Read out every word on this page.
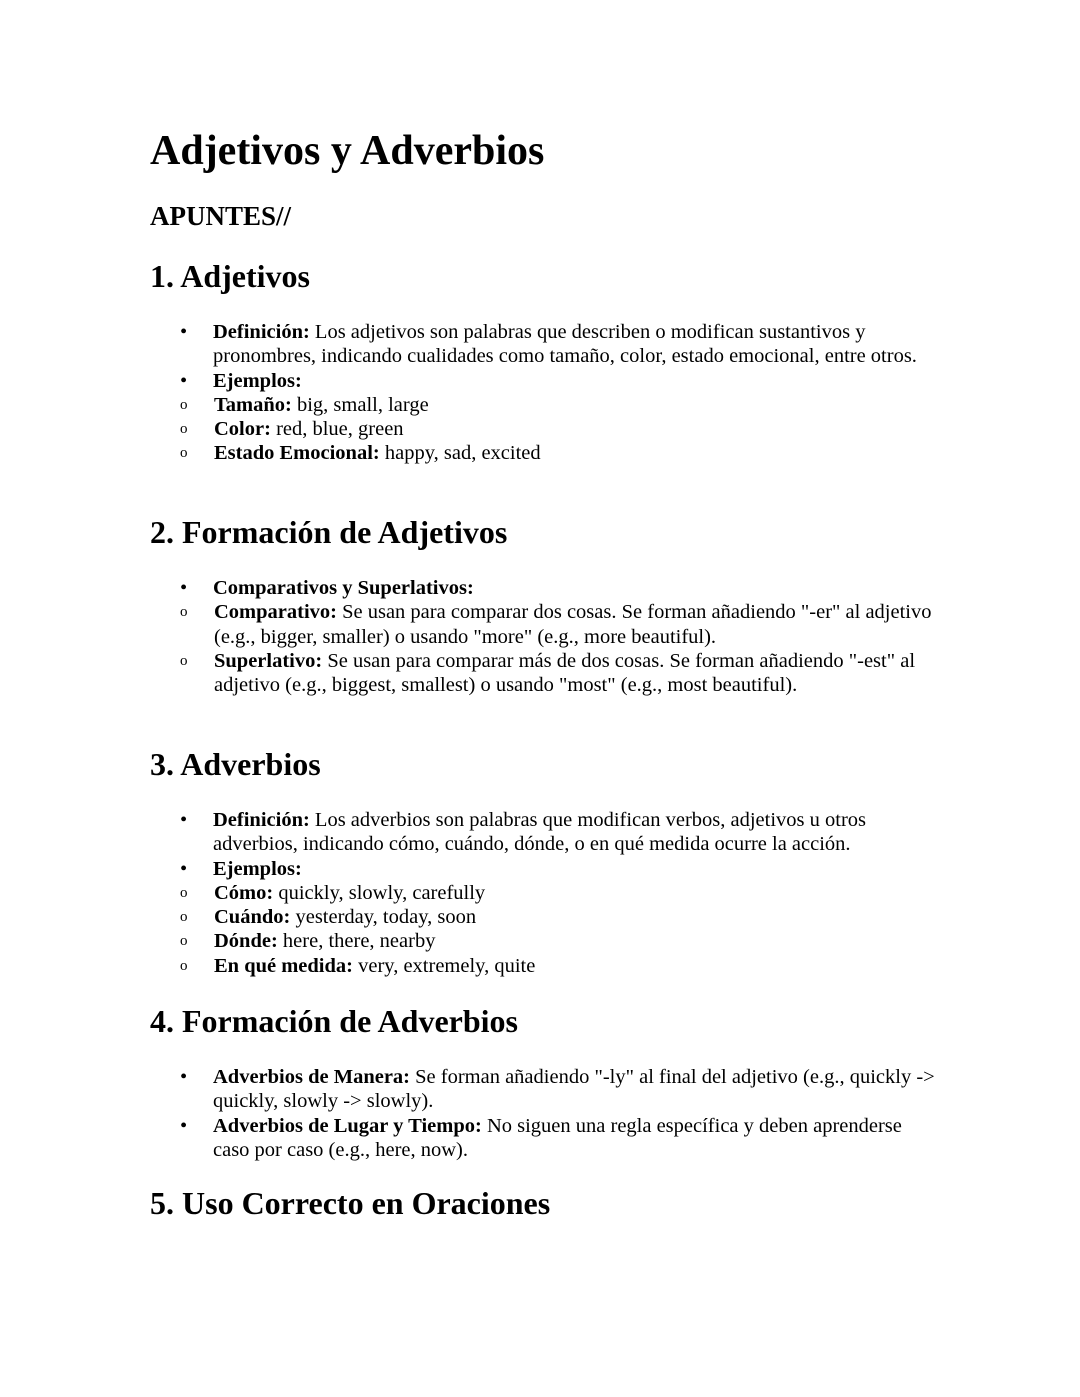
Adjetivos y Adverbios
APUNTES//
1. Adjetivos
• Definición: Los adjetivos son palabras que describen o modifican sustantivos y pronombres, indicando cualidades como tamaño, color, estado emocional, entre otros.
• Ejemplos:
o Tamaño: big, small, large
o Color: red, blue, green
o Estado Emocional: happy, sad, excited
2. Formación de Adjetivos
• Comparativos y Superlativos:
o Comparativo: Se usan para comparar dos cosas. Se forman añadiendo "-er" al adjetivo (e.g., bigger, smaller) o usando "more" (e.g., more beautiful).
o Superlativo: Se usan para comparar más de dos cosas. Se forman añadiendo "-est" al adjetivo (e.g., biggest, smallest) o usando "most" (e.g., most beautiful).
3. Adverbios
• Definición: Los adverbios son palabras que modifican verbos, adjetivos u otros adverbios, indicando cómo, cuándo, dónde, o en qué medida ocurre la acción.
• Ejemplos:
o Cómo: quickly, slowly, carefully
o Cuándo: yesterday, today, soon
o Dónde: here, there, nearby
o En qué medida: very, extremely, quite
4. Formación de Adverbios
• Adverbios de Manera: Se forman añadiendo "-ly" al final del adjetivo (e.g., quickly -> quickly, slowly -> slowly).
• Adverbios de Lugar y Tiempo: No siguen una regla específica y deben aprenderse caso por caso (e.g., here, now).
5. Uso Correcto en Oraciones
